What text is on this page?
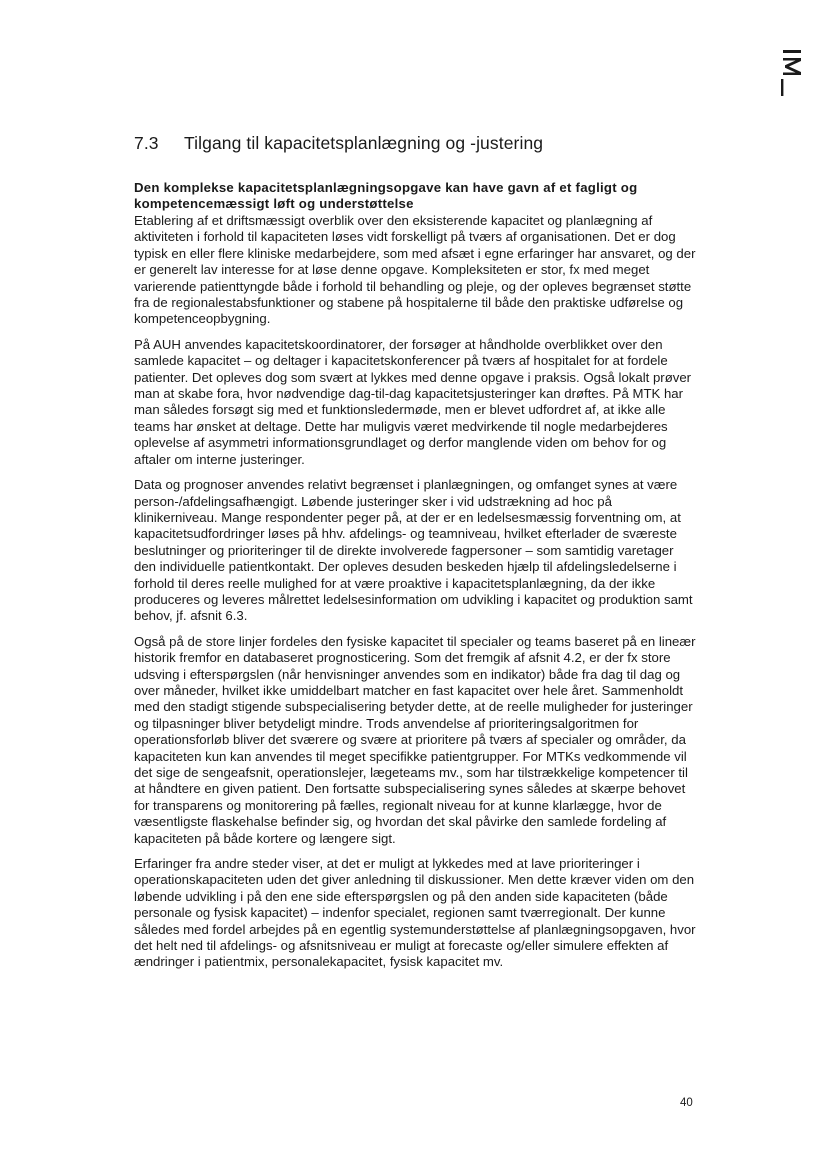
7.3 Tilgang til kapacitetsplanlægning og -justering

Den komplekse kapacitetsplanlægningsopgave kan have gavn af et fagligt og kompetencemæssigt løft og understøttelse

Etablering af et driftsmæssigt overblik over den eksisterende kapacitet og planlægning af aktiviteten i forhold til kapaciteten løses vidt forskelligt på tværs af organisationen. Det er dog typisk en eller flere kliniske medarbejdere, som med afsæt i egne erfaringer har ansvaret, og der er generelt lav interesse for at løse denne opgave. Kompleksiteten er stor, fx med meget varierende patienttyngde både i forhold til behandling og pleje, og der opleves begrænset støtte fra de regionalestabsfunktioner og stabene på hospitalerne til både den praktiske udførelse og kompetenceopbygning.

På AUH anvendes kapacitetskoordinatorer, der forsøger at håndholde overblikket over den samlede kapacitet – og deltager i kapacitetskonferencer på tværs af hospitalet for at fordele patienter. Det opleves dog som svært at lykkes med denne opgave i praksis. Også lokalt prøver man at skabe fora, hvor nødvendige dag-til-dag kapacitetsjusteringer kan drøftes. På MTK har man således forsøgt sig med et funktionsledermøde, men er blevet udfordret af, at ikke alle teams har ønsket at deltage. Dette har muligvis været medvirkende til nogle medarbejderes oplevelse af asymmetri informationsgrundlaget og derfor manglende viden om behov for og aftaler om interne justeringer.

Data og prognoser anvendes relativt begrænset i planlægningen, og omfanget synes at være person-/afdelingsafhængigt. Løbende justeringer sker i vid udstrækning ad hoc på klinikerniveau. Mange respondenter peger på, at der er en ledelsesmæssig forventning om, at kapacitetsudfordringer løses på hhv. afdelings- og teamniveau, hvilket efterlader de sværeste beslutninger og prioriteringer til de direkte involverede fagpersoner – som samtidig varetager den individuelle patientkontakt. Der opleves desuden beskeden hjælp til afdelingsledelserne i forhold til deres reelle mulighed for at være proaktive i kapacitetsplanlægning, da der ikke produceres og leveres målrettet ledelsesinformation om udvikling i kapacitet og produktion samt behov, jf. afsnit 6.3.

Også på de store linjer fordeles den fysiske kapacitet til specialer og teams baseret på en lineær historik fremfor en databaseret prognosticering. Som det fremgik af afsnit 4.2, er der fx store udsving i efterspørgslen (når henvisninger anvendes som en indikator) både fra dag til dag og over måneder, hvilket ikke umiddelbart matcher en fast kapacitet over hele året. Sammenholdt med den stadigt stigende subspecialisering betyder dette, at de reelle muligheder for justeringer og tilpasninger bliver betydeligt mindre. Trods anvendelse af prioriteringsalgoritmen for operationsforløb bliver det sværere og svære at prioritere på tværs af specialer og områder, da kapaciteten kun kan anvendes til meget specifikke patientgrupper. For MTKs vedkommende vil det sige de sengeafsnit, operationslejer, lægeteams mv., som har tilstrækkelige kompetencer til at håndtere en given patient. Den fortsatte subspecialisering synes således at skærpe behovet for transparens og monitorering på fælles, regionalt niveau for at kunne klarlægge, hvor de væsentligste flaskehalse befinder sig, og hvordan det skal påvirke den samlede fordeling af kapaciteten på både kortere og længere sigt.

Erfaringer fra andre steder viser, at det er muligt at lykkedes med at lave prioriteringer i operationskapaciteten uden det giver anledning til diskussioner. Men dette kræver viden om den løbende udvikling i på den ene side efterspørgslen og på den anden side kapaciteten (både personale og fysisk kapacitet) – indenfor specialet, regionen samt tværregionalt. Der kunne således med fordel arbejdes på en egentlig systemunderstøttelse af planlægningsopgaven, hvor det helt ned til afdelings- og afsnitsniveau er muligt at forecaste og/eller simulere effekten af ændringer i patientmix, personalekapacitet, fysisk kapacitet mv.

40
